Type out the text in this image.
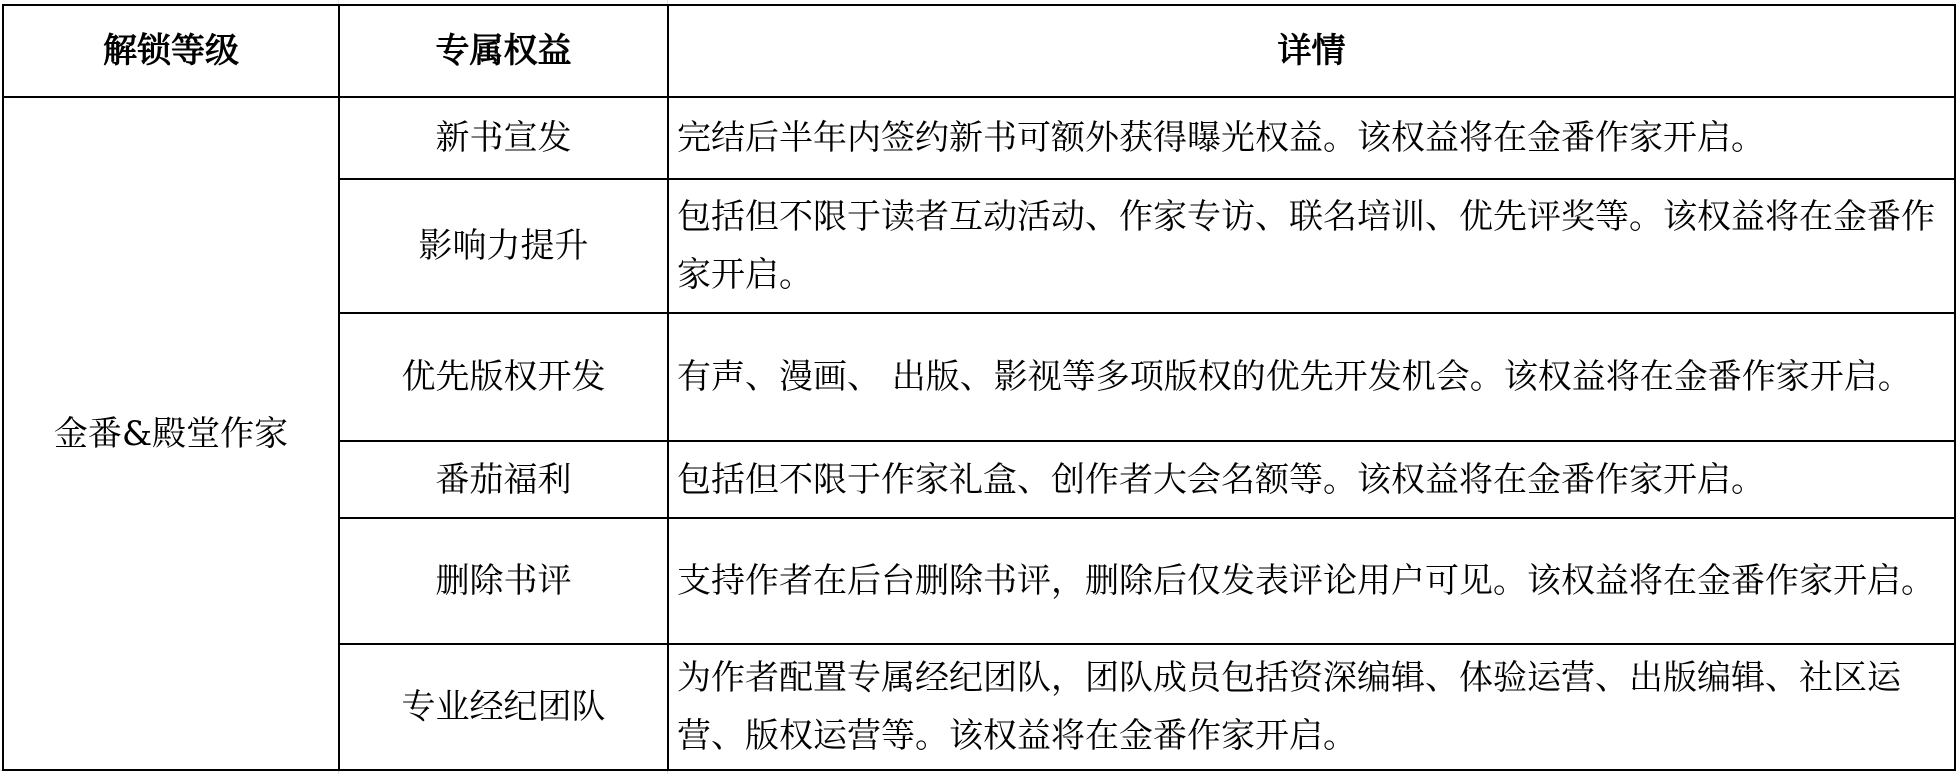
解锁等级	专属权益	详情
金番&殿堂作家	新书宣发	完结后半年内签约新书可额外获得曝光权益。该权益将在金番作家开启。
	影响力提升	包括但不限于读者互动活动、作家专访、联名培训、优先评奖等。该权益将在金番作家开启。
	优先版权开发	有声、漫画、 出版、影视等多项版权的优先开发机会。该权益将在金番作家开启。
	番茄福利	包括但不限于作家礼盒、创作者大会名额等。该权益将在金番作家开启。
	删除书评	支持作者在后台删除书评，删除后仅发表评论用户可见。该权益将在金番作家开启。
	专业经纪团队	为作者配置专属经纪团队，团队成员包括资深编辑、体验运营、出版编辑、社区运营、版权运营等。该权益将在金番作家开启。
